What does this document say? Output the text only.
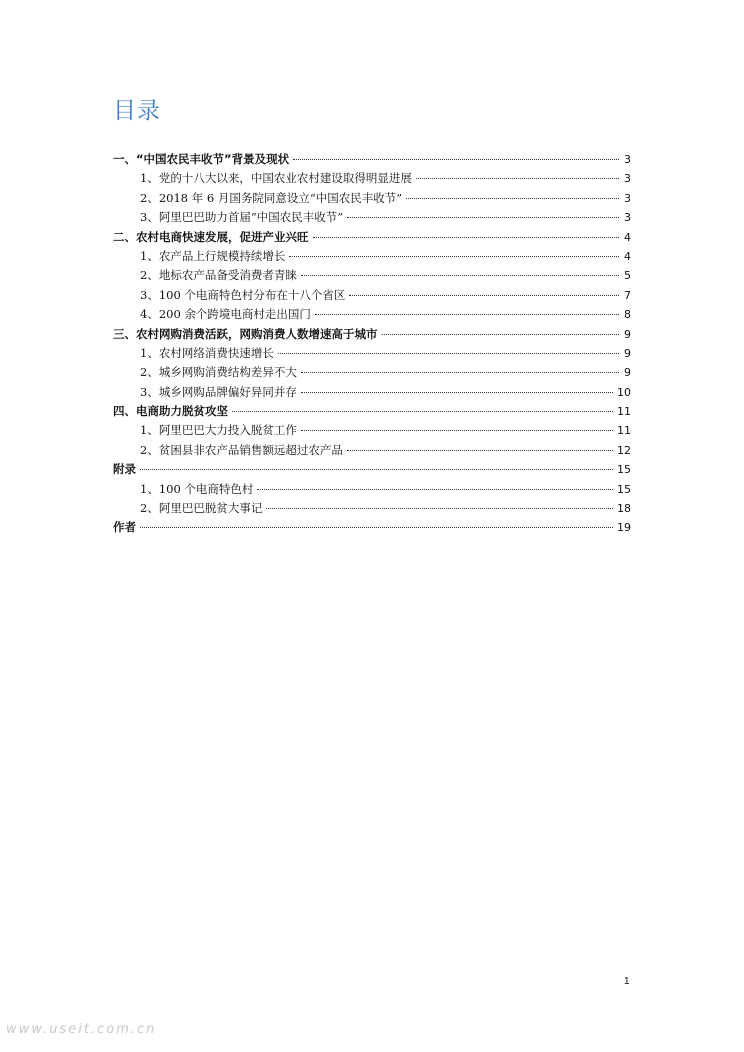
目录
一、“中国农民丰收节”背景及现状	3
1、党的十八大以来，中国农业农村建设取得明显进展	3
2、2018 年 6 月国务院同意设立“中国农民丰收节”	3
3、阿里巴巴助力首届“中国农民丰收节”	3
二、农村电商快速发展，促进产业兴旺	4
1、农产品上行规模持续增长	4
2、地标农产品备受消费者青睐	5
3、100 个电商特色村分布在十八个省区	7
4、200 余个跨境电商村走出国门	8
三、农村网购消费活跃，网购消费人数增速高于城市	9
1、农村网络消费快速增长	9
2、城乡网购消费结构差异不大	9
3、城乡网购品牌偏好异同并存	10
四、电商助力脱贫攻坚	11
1、阿里巴巴大力投入脱贫工作	11
2、贫困县非农产品销售额远超过农产品	12
附录	15
1、100 个电商特色村	15
2、阿里巴巴脱贫大事记	18
作者	19
1
www.useit.com.cn
